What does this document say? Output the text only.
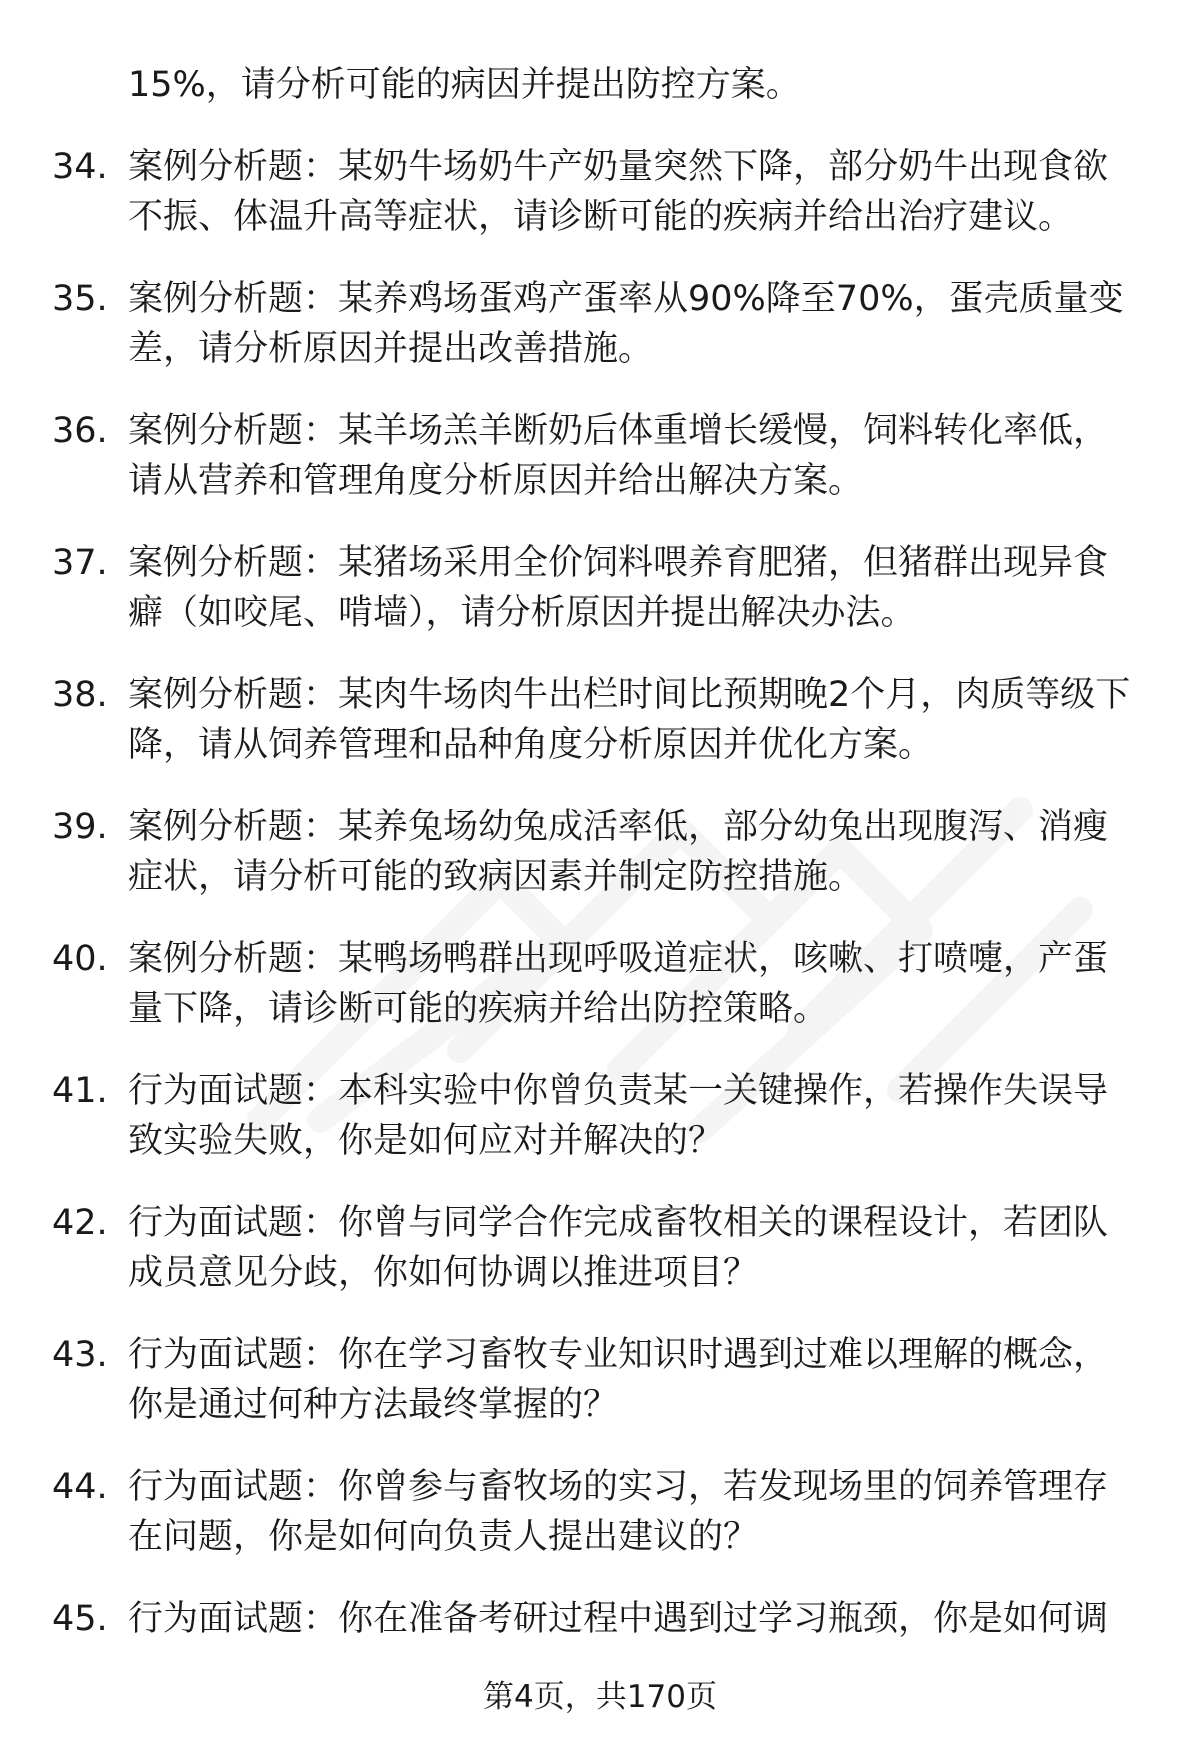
15%，请分析可能的病因并提出防控方案。
34. 案例分析题：某奶牛场奶牛产奶量突然下降，部分奶牛出现食欲
不振、体温升高等症状，请诊断可能的疾病并给出治疗建议。
35. 案例分析题：某养鸡场蛋鸡产蛋率从90%降至70%，蛋壳质量变
差，请分析原因并提出改善措施。
36. 案例分析题：某羊场羔羊断奶后体重增长缓慢，饲料转化率低，
请从营养和管理角度分析原因并给出解决方案。
37. 案例分析题：某猪场采用全价饲料喂养育肥猪，但猪群出现异食
癖（如咬尾、啃墙），请分析原因并提出解决办法。
38. 案例分析题：某肉牛场肉牛出栏时间比预期晚2个月，肉质等级下
降，请从饲养管理和品种角度分析原因并优化方案。
39. 案例分析题：某养兔场幼兔成活率低，部分幼兔出现腹泻、消瘦
症状，请分析可能的致病因素并制定防控措施。
40. 案例分析题：某鸭场鸭群出现呼吸道症状，咳嗽、打喷嚏，产蛋
量下降，请诊断可能的疾病并给出防控策略。
41. 行为面试题：本科实验中你曾负责某一关键操作，若操作失误导
致实验失败，你是如何应对并解决的？
42. 行为面试题：你曾与同学合作完成畜牧相关的课程设计，若团队
成员意见分歧，你如何协调以推进项目？
43. 行为面试题：你在学习畜牧专业知识时遇到过难以理解的概念，
你是通过何种方法最终掌握的？
44. 行为面试题：你曾参与畜牧场的实习，若发现场里的饲养管理存
在问题，你是如何向负责人提出建议的？
45. 行为面试题：你在准备考研过程中遇到过学习瓶颈，你是如何调
第4页，共170页
